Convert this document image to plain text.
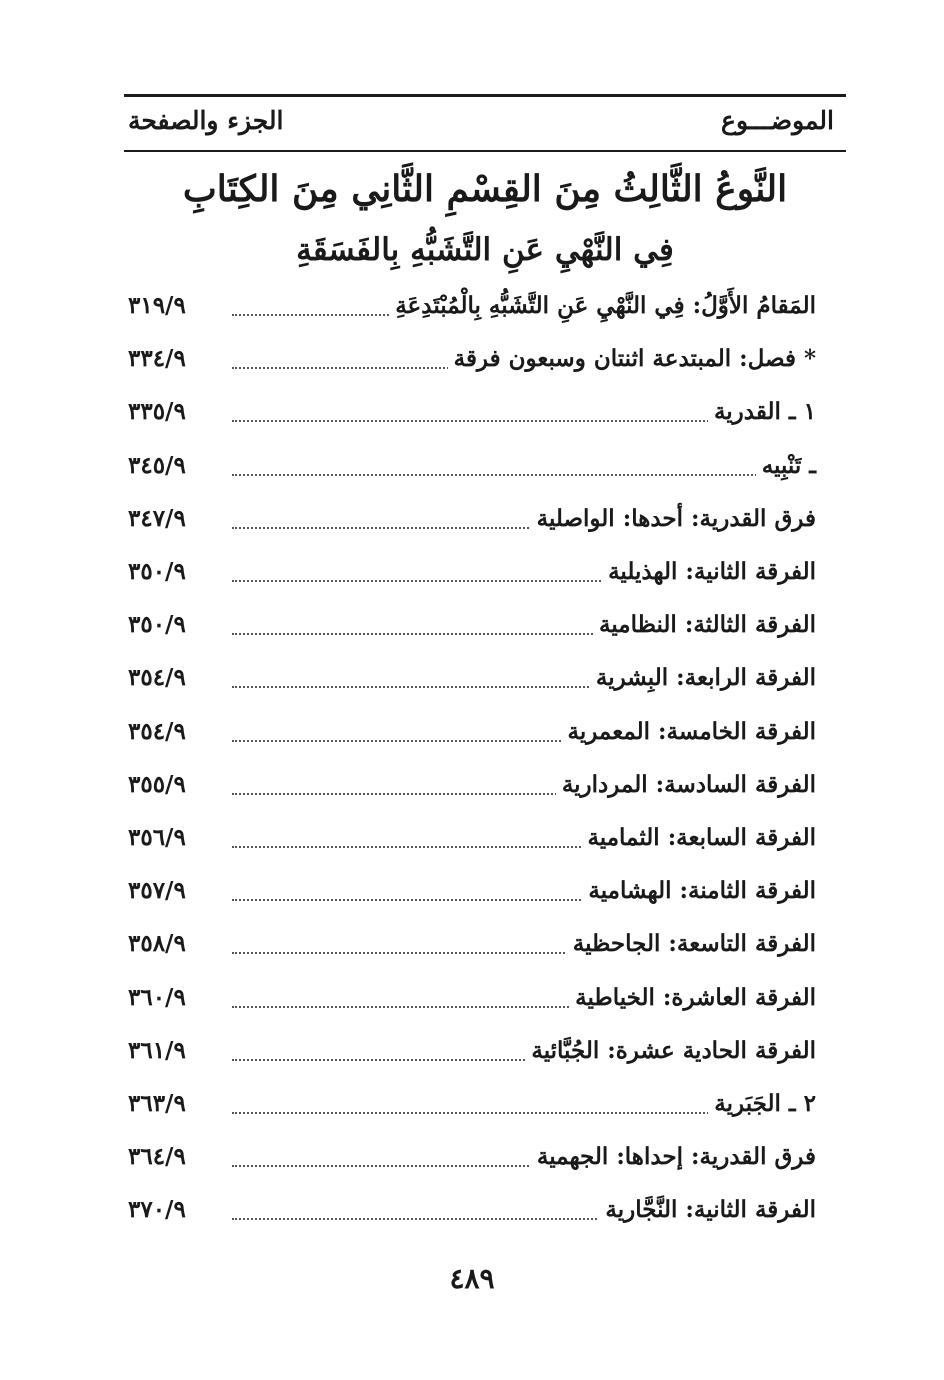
الموضـــوع
الجزء والصفحة
النَّوعُ الثَّالِثُ مِنَ القِسْمِ الثَّانِي مِنَ الكِتَابِ
فِي النَّهْيِ عَنِ التَّشَبُّهِ بِالفَسَقَةِ
المَقامُ الأَوَّلُ: فِي النَّهْيِ عَنِ التَّشَبُّهِ بِالْمُبْتَدِعَةِ
٣١٩/٩
* فصل: المبتدعة اثنتان وسبعون فرقة
٣٣٤/٩
١ ـ القدرية
٣٣٥/٩
ـ تَنْبِيه
٣٤٥/٩
فرق القدرية: أحدها: الواصلية
٣٤٧/٩
الفرقة الثانية: الهذيلية
٣٥٠/٩
الفرقة الثالثة: النظامية
٣٥٠/٩
الفرقة الرابعة: البِشرية
٣٥٤/٩
الفرقة الخامسة: المعمرية
٣٥٤/٩
الفرقة السادسة: المردارية
٣٥٥/٩
الفرقة السابعة: الثمامية
٣٥٦/٩
الفرقة الثامنة: الهشامية
٣٥٧/٩
الفرقة التاسعة: الجاحظية
٣٥٨/٩
الفرقة العاشرة: الخياطية
٣٦٠/٩
الفرقة الحادية عشرة: الجُبَّائية
٣٦١/٩
٢ ـ الجَبَرية
٣٦٣/٩
فرق القدرية: إحداها: الجهمية
٣٦٤/٩
الفرقة الثانية: النَّجَّارية
٣٧٠/٩
٤٨٩
